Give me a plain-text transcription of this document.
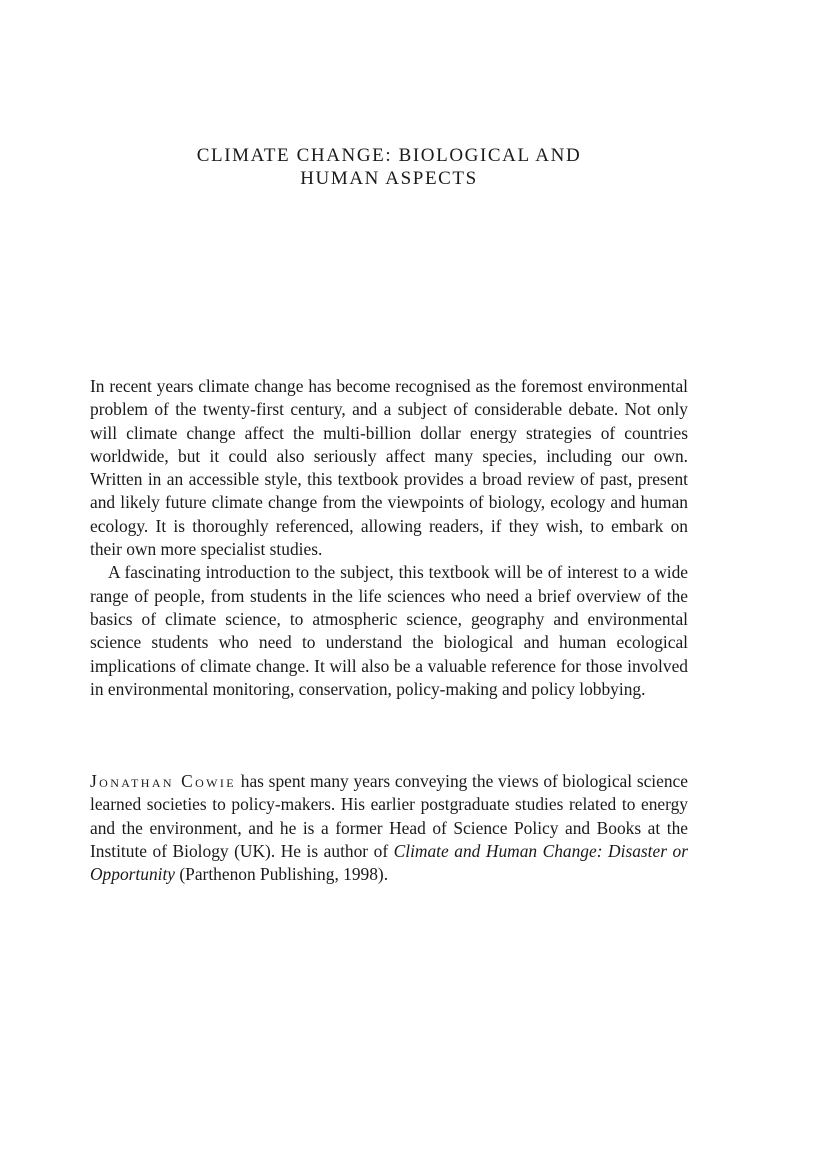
CLIMATE CHANGE: BIOLOGICAL AND
HUMAN ASPECTS

In recent years climate change has become recognised as the foremost environmental problem of the twenty-first century, and a subject of considerable debate. Not only will climate change affect the multi-billion dollar energy strategies of countries worldwide, but it could also seriously affect many species, including our own. Written in an accessible style, this textbook provides a broad review of past, present and likely future climate change from the viewpoints of biology, ecology and human ecology. It is thoroughly referenced, allowing readers, if they wish, to embark on their own more specialist studies.

A fascinating introduction to the subject, this textbook will be of interest to a wide range of people, from students in the life sciences who need a brief overview of the basics of climate science, to atmospheric science, geography and environmental science students who need to understand the biological and human ecological implications of climate change. It will also be a valuable reference for those involved in environmental monitoring, conservation, policy-making and policy lobbying.

Jonathan Cowie has spent many years conveying the views of biological science learned societies to policy-makers. His earlier postgraduate studies related to energy and the environment, and he is a former Head of Science Policy and Books at the Institute of Biology (UK). He is author of Climate and Human Change: Disaster or Opportunity (Parthenon Publishing, 1998).
